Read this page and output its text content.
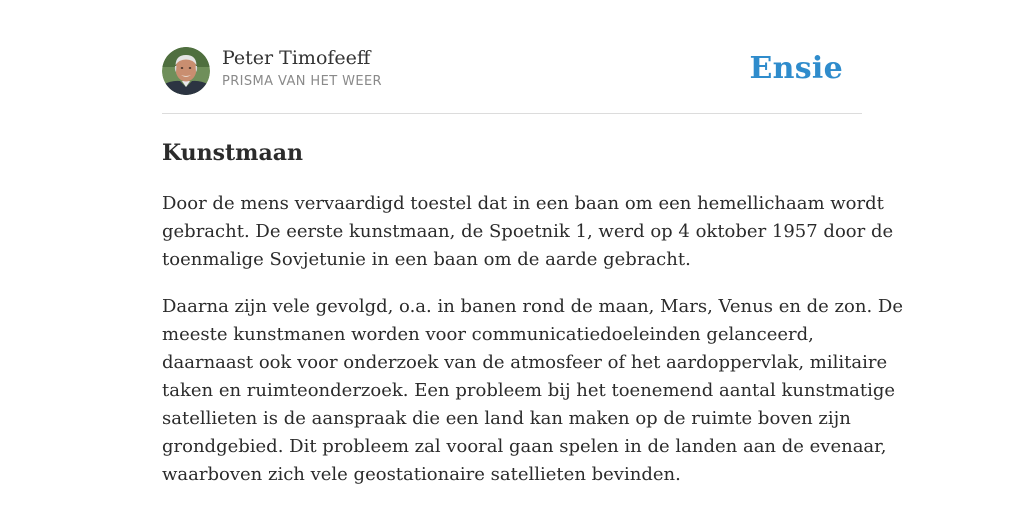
Peter Timofeeff
PRISMA VAN HET WEER	Ensie
Kunstmaan

Door de mens vervaardigd toestel dat in een baan om een hemellichaam wordt
gebracht. De eerste kunstmaan, de Spoetnik 1, werd op 4 oktober 1957 door de
toenmalige Sovjetunie in een baan om de aarde gebracht.

Daarna zijn vele gevolgd, o.a. in banen rond de maan, Mars, Venus en de zon. De
meeste kunstmanen worden voor communicatiedoeleinden gelanceerd,
daarnaast ook voor onderzoek van de atmosfeer of het aardoppervlak, militaire
taken en ruimteonderzoek. Een probleem bij het toenemend aantal kunstmatige
satellieten is de aanspraak die een land kan maken op de ruimte boven zijn
grondgebied. Dit probleem zal vooral gaan spelen in de landen aan de evenaar,
waarboven zich vele geostationaire satellieten bevinden.
